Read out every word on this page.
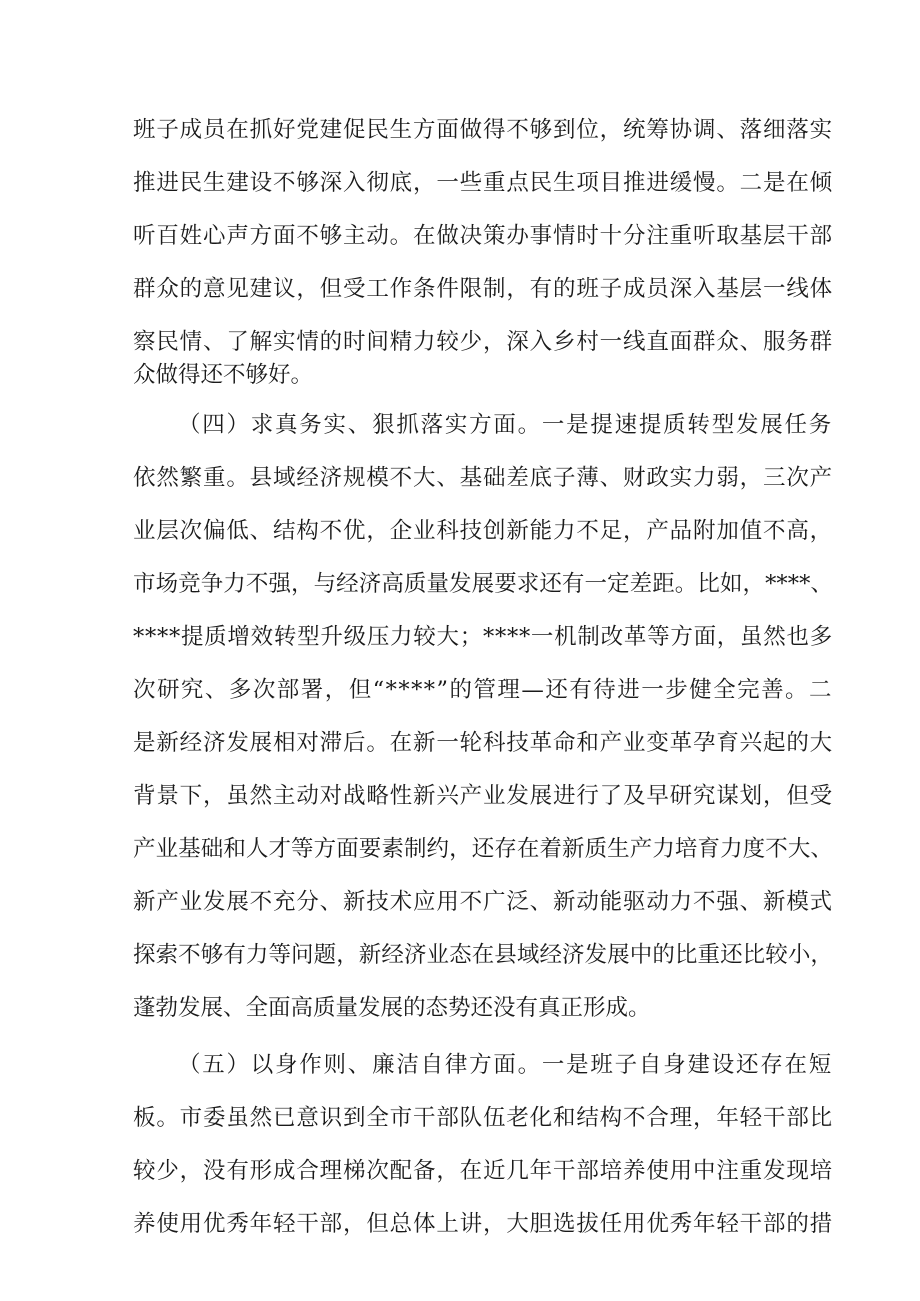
班子成员在抓好党建促民生方面做得不够到位，统筹协调、落细落实

推进民生建设不够深入彻底，一些重点民生项目推进缓慢。二是在倾

听百姓心声方面不够主动。在做决策办事情时十分注重听取基层干部

群众的意见建议，但受工作条件限制，有的班子成员深入基层一线体

察民情、了解实情的时间精力较少，深入乡村一线直面群众、服务群

众做得还不够好。

（四）求真务实、狠抓落实方面。一是提速提质转型发展任务

依然繁重。县域经济规模不大、基础差底子薄、财政实力弱，三次产

业层次偏低、结构不优，企业科技创新能力不足，产品附加值不高，

市场竞争力不强，与经济高质量发展要求还有一定差距。比如，****、

****提质增效转型升级压力较大；****一机制改革等方面，虽然也多

次研究、多次部署，但“****”的管理—还有待进一步健全完善。二

是新经济发展相对滞后。在新一轮科技革命和产业变革孕育兴起的大

背景下，虽然主动对战略性新兴产业发展进行了及早研究谋划，但受

产业基础和人才等方面要素制约，还存在着新质生产力培育力度不大、

新产业发展不充分、新技术应用不广泛、新动能驱动力不强、新模式

探索不够有力等问题，新经济业态在县域经济发展中的比重还比较小，

蓬勃发展、全面高质量发展的态势还没有真正形成。

（五）以身作则、廉洁自律方面。一是班子自身建设还存在短

板。市委虽然已意识到全市干部队伍老化和结构不合理，年轻干部比

较少，没有形成合理梯次配备，在近几年干部培养使用中注重发现培

养使用优秀年轻干部，但总体上讲，大胆选拔任用优秀年轻干部的措
